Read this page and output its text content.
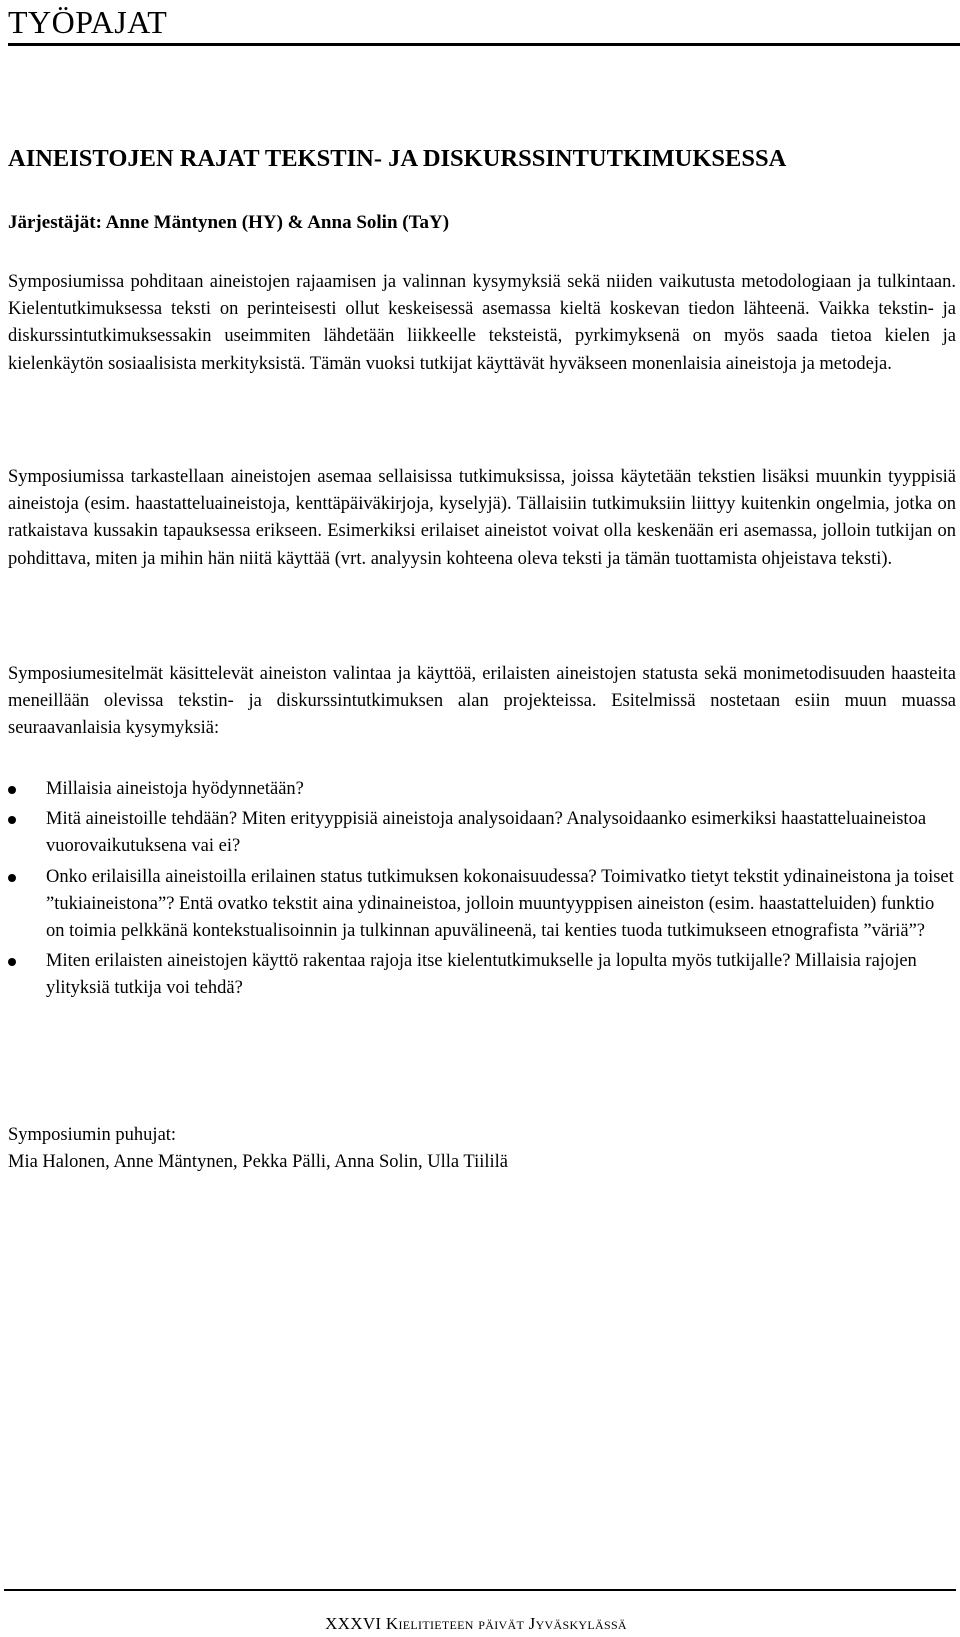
TYÖPAJAT
AINEISTOJEN RAJAT TEKSTIN- JA DISKURSSINTUTKIMUKSESSA

Järjestäjät: Anne Mäntynen (HY) & Anna Solin (TaY)

Symposiumissa pohditaan aineistojen rajaamisen ja valinnan kysymyksiä sekä niiden vaikutusta metodologiaan ja tulkintaan. Kielentutkimuksessa teksti on perinteisesti ollut keskeisessä asemassa kieltä koskevan tiedon lähteenä. Vaikka tekstin- ja diskurssintutkimuksessakin useimmiten lähdetään liikkeelle teksteistä, pyrkimyksenä on myös saada tietoa kielen ja kielenkäytön sosiaalisista merkityksistä. Tämän vuoksi tutkijat käyttävät hyväkseen monenlaisia aineistoja ja metodeja.

Symposiumissa tarkastellaan aineistojen asemaa sellaisissa tutkimuksissa, joissa käytetään tekstien lisäksi muunkin tyyppisiä aineistoja (esim. haastatteluaineistoja, kenttäpäiväkirjoja, kyselyjä). Tällaisiin tutkimuksiin liittyy kuitenkin ongelmia, jotka on ratkaistava kussakin tapauksessa erikseen. Esimerkiksi erilaiset aineistot voivat olla keskenään eri asemassa, jolloin tutkijan on pohdittava, miten ja mihin hän niitä käyttää (vrt. analyysin kohteena oleva teksti ja tämän tuottamista ohjeistava teksti).

Symposiumesitelmät käsittelevät aineiston valintaa ja käyttöä, erilaisten aineistojen statusta sekä monimetodisuuden haasteita meneillään olevissa tekstin- ja diskurssintutkimuksen alan projekteissa. Esitelmissä nostetaan esiin muun muassa seuraavanlaisia kysymyksiä:

Millaisia aineistoja hyödynnetään?
Mitä aineistoille tehdään? Miten erityyppisiä aineistoja analysoidaan? Analysoidaanko esimerkiksi haastatteluaineistoa vuorovaikutuksena vai ei?
Onko erilaisilla aineistoilla erilainen status tutkimuksen kokonaisuudessa? Toimivatko tietyt tekstit ydinaineistona ja toiset ”tukiaineistona”? Entä ovatko tekstit aina ydinaineistoa, jolloin muuntyyppisen aineiston (esim. haastatteluiden) funktio on toimia pelkkänä kontekstualisoinnin ja tulkinnan apuvälineenä, tai kenties tuoda tutkimukseen etnografista ”väriä”?
Miten erilaisten aineistojen käyttö rakentaa rajoja itse kielentutkimukselle ja lopulta myös tutkijalle? Millaisia rajojen ylityksiä tutkija voi tehdä?
Symposiumin puhujat:
Mia Halonen, Anne Mäntynen, Pekka Pälli, Anna Solin, Ulla Tiililä
XXXVI Kielitieteen päivät Jyväskylässä
